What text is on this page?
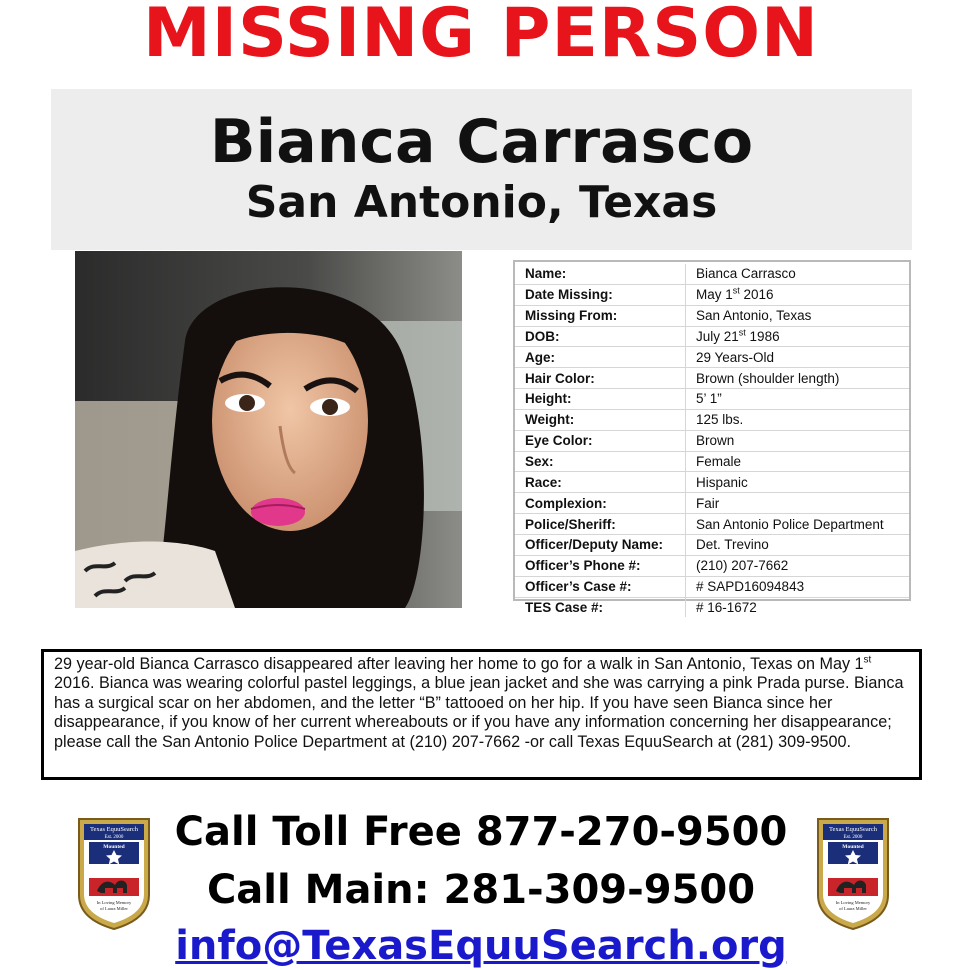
MISSING PERSON
Bianca Carrasco
San Antonio, Texas
Name:	Bianca Carrasco
Date Missing:	May 1st 2016
Missing From:	San Antonio, Texas
DOB:	July 21st 1986
Age:	29 Years-Old
Hair Color:	Brown (shoulder length)
Height:	5’ 1”
Weight:	125 lbs.
Eye Color:	Brown
Sex:	Female
Race:	Hispanic
Complexion:	Fair
Police/Sheriff:	San Antonio Police Department
Officer/Deputy Name:	Det. Trevino
Officer’s Phone #:	(210) 207-7662
Officer’s Case #:	# SAPD16094843
TES Case #:	# 16-1672
29 year-old Bianca Carrasco disappeared after leaving her home to go for a walk in San Antonio, Texas on May 1st 2016. Bianca was wearing colorful pastel leggings, a blue jean jacket and she was carrying a pink Prada purse. Bianca has a surgical scar on her abdomen, and the letter “B” tattooed on her hip. If you have seen Bianca since her disappearance, if you know of her current whereabouts or if you have any information concerning her disappearance; please call the San Antonio Police Department at (210) 207-7662 -or call Texas EquuSearch at (281) 309-9500.
Texas EquuSearch
Est. 2000
Mounted
In Loving Memory
of Laura Miller
Call Toll Free 877-270-9500
Call Main: 281-309-9500
info@TexasEquuSearch.org
Texas EquuSearch
Est. 2000
Mounted
In Loving Memory
of Laura Miller
